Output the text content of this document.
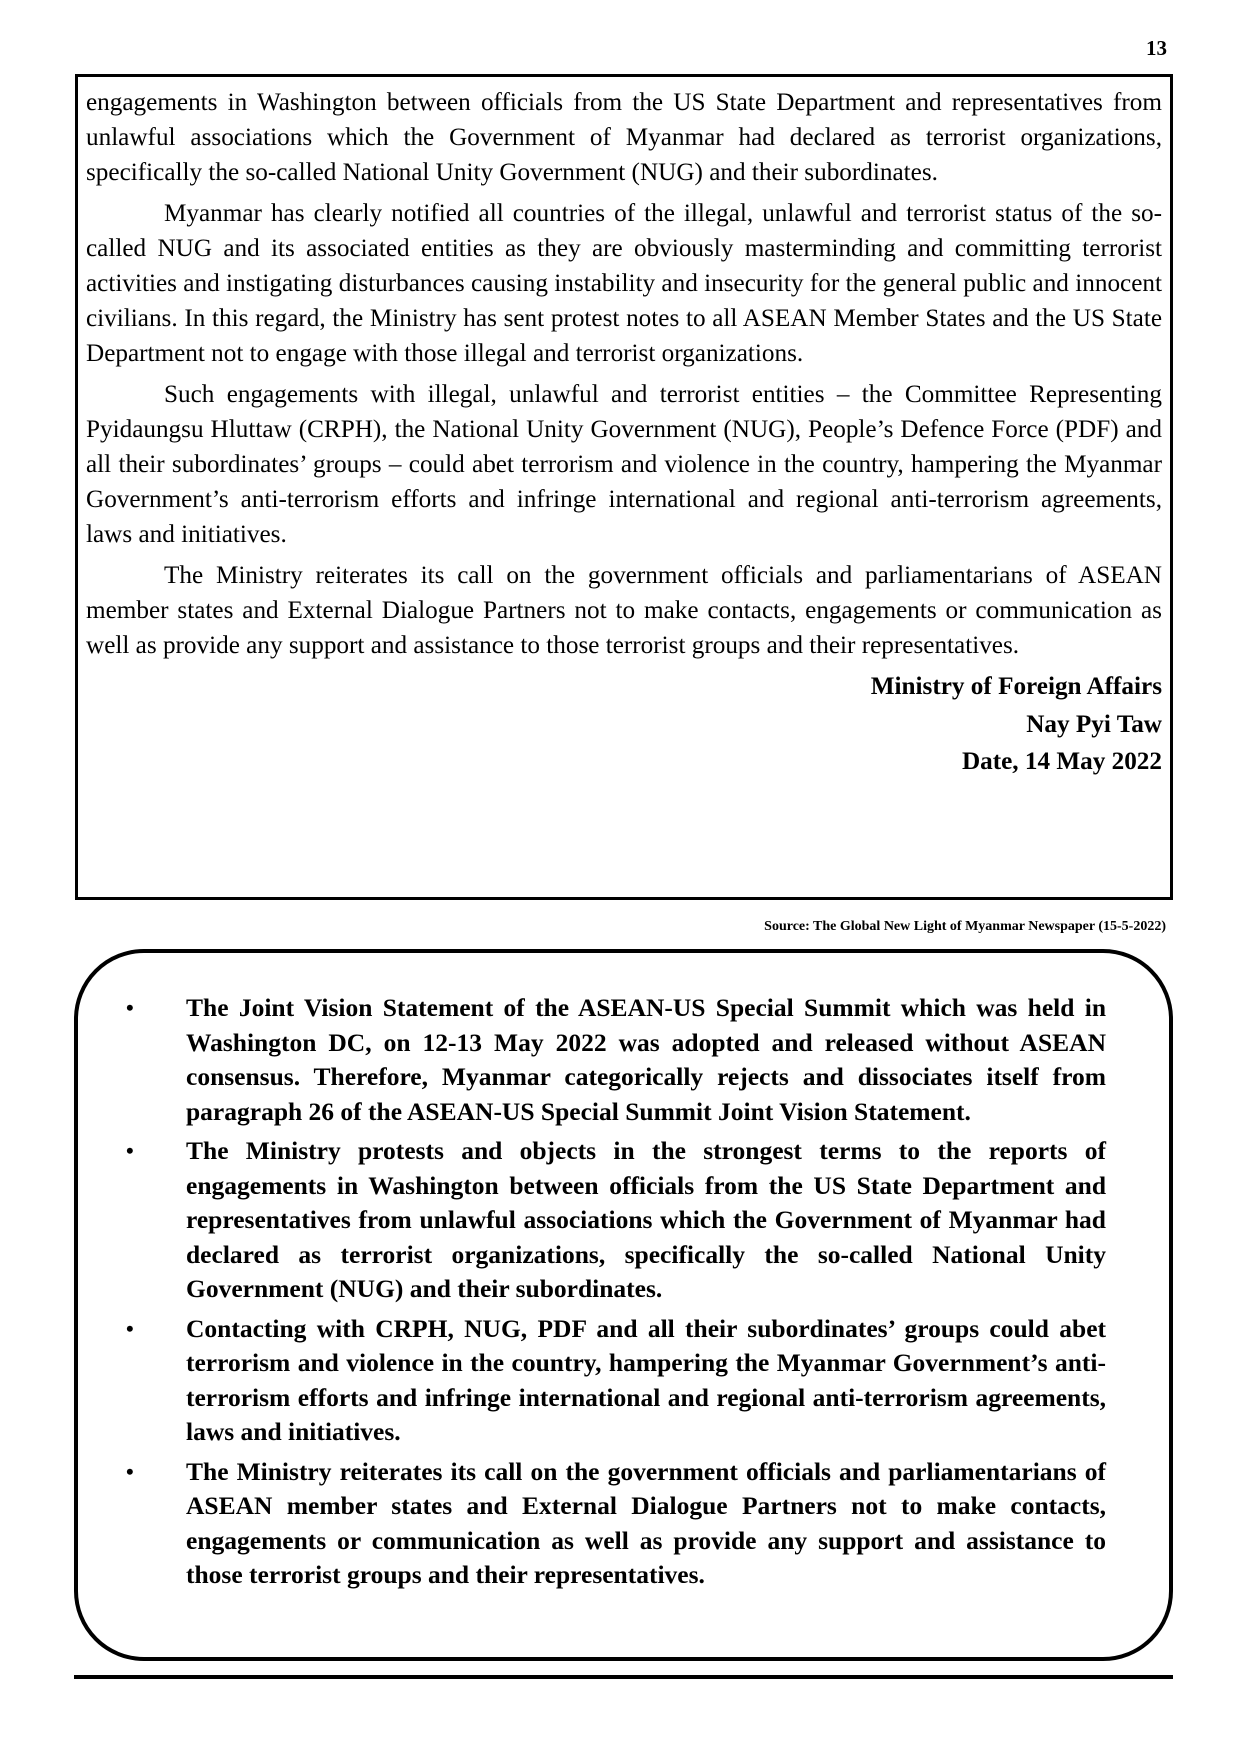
13

engagements in Washington between officials from the US State Department and representatives from unlawful associations which the Government of Myanmar had declared as terrorist organizations, specifically the so-called National Unity Government (NUG) and their subordinates.

Myanmar has clearly notified all countries of the illegal, unlawful and terrorist status of the so-called NUG and its associated entities as they are obviously masterminding and committing terrorist activities and instigating disturbances causing instability and insecurity for the general public and innocent civilians. In this regard, the Ministry has sent protest notes to all ASEAN Member States and the US State Department not to engage with those illegal and terrorist organizations.

Such engagements with illegal, unlawful and terrorist entities – the Committee Representing Pyidaungsu Hluttaw (CRPH), the National Unity Government (NUG), People’s Defence Force (PDF) and all their subordinates’ groups – could abet terrorism and violence in the country, hampering the Myanmar Government’s anti-terrorism efforts and infringe international and regional anti-terrorism agreements, laws and initiatives.

The Ministry reiterates its call on the government officials and parliamentarians of ASEAN member states and External Dialogue Partners not to make contacts, engagements or communication as well as provide any support and assistance to those terrorist groups and their representatives.

Ministry of Foreign Affairs
Nay Pyi Taw
Date, 14 May 2022
Source: The Global New Light of Myanmar Newspaper (15-5-2022)
• The Joint Vision Statement of the ASEAN-US Special Summit which was held in Washington DC, on 12-13 May 2022 was adopted and released without ASEAN consensus. Therefore, Myanmar categorically rejects and dissociates itself from paragraph 26 of the ASEAN-US Special Summit Joint Vision Statement.
• The Ministry protests and objects in the strongest terms to the reports of engagements in Washington between officials from the US State Department and representatives from unlawful associations which the Government of Myanmar had declared as terrorist organizations, specifically the so-called National Unity Government (NUG) and their subordinates.
• Contacting with CRPH, NUG, PDF and all their subordinates’ groups could abet terrorism and violence in the country, hampering the Myanmar Government’s anti-terrorism efforts and infringe international and regional anti-terrorism agreements, laws and initiatives.
• The Ministry reiterates its call on the government officials and parliamentarians of ASEAN member states and External Dialogue Partners not to make contacts, engagements or communication as well as provide any support and assistance to those terrorist groups and their representatives.
